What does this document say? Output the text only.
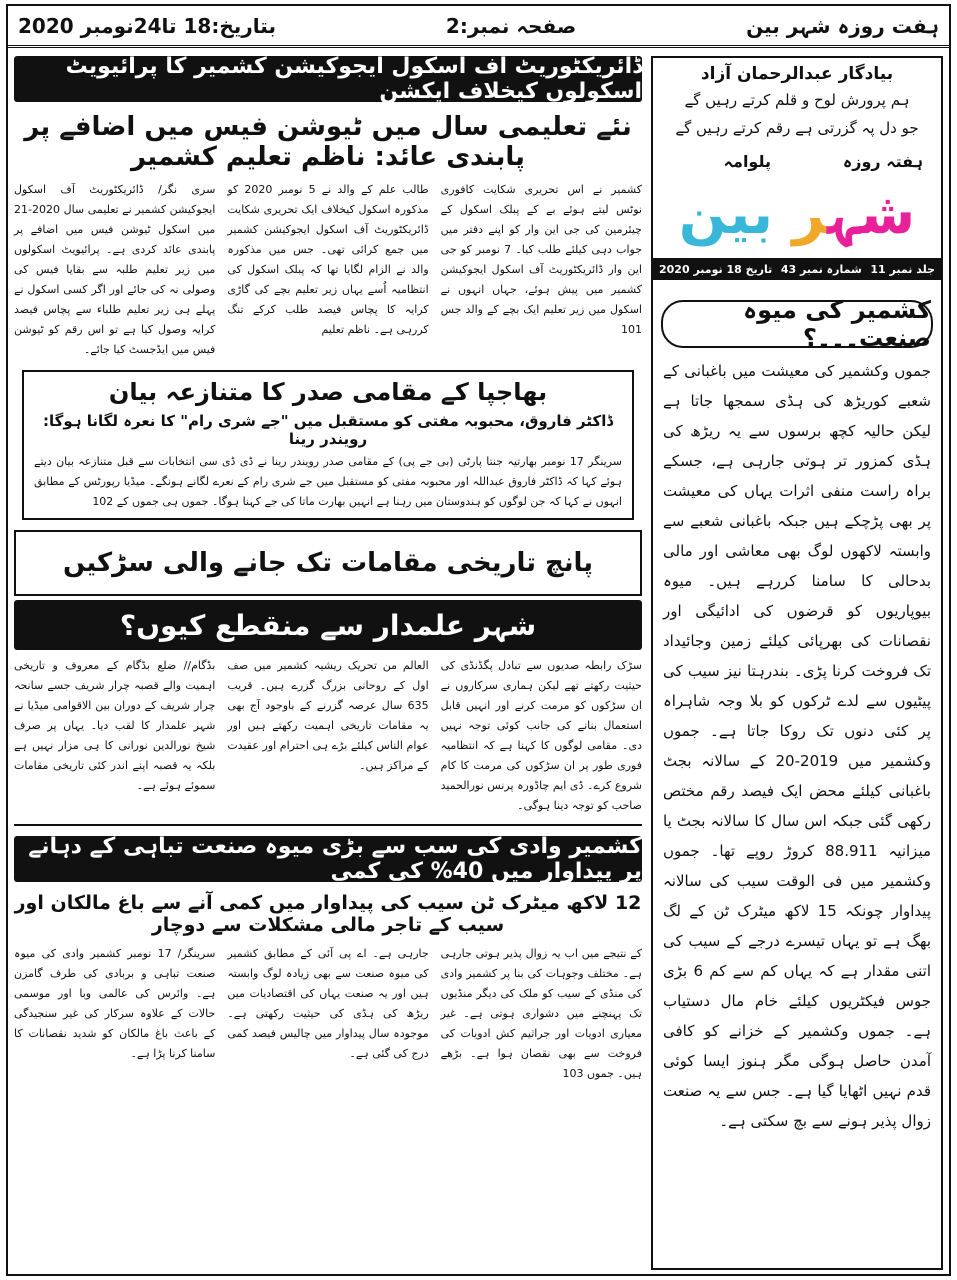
بتاریخ:18 تا24نومبر 2020	صفحہ نمبر:2	ہفت روزہ شہر بین
بیادگار عبدالرحمان آزاد
ہم پرورش لوح و قلم کرتے رہیں گے
جو دل پہ گزرتی ہے رقم کرتے رہیں گے
ہفتہ روزہ
پلوامہ
شہر بین
جلد نمبر 11
شمارہ نمبر 43
تاریخ 18 نومبر 2020
کشمیر کی میوہ صنعت۔۔۔؟
جموں وکشمیر کی معیشت میں باغبانی کے شعبے کوریڑھ کی ہڈی سمجھا جاتا ہے لیکن حالیہ کچھ برسوں سے یہ ریڑھ کی ہڈی کمزور تر ہوتی جارہی ہے، جسکے براہ راست منفی اثرات یہاں کی معیشت پر بھی پڑچکے ہیں جبکہ باغبانی شعبے سے وابستہ لاکھوں لوگ بھی معاشی اور مالی بدحالی کا سامنا کررہے ہیں۔ میوہ بیوپاریوں کو قرضوں کی ادائیگی اور نقصانات کی بھرپائی کیلئے زمین وجائیداد تک فروخت کرنا پڑی۔ بندرہتا نیز سیب کی پیٹیوں سے لدے ٹرکوں کو بلا وجہ شاہراہ پر کئی دنوں تک روکا جاتا ہے۔ جموں وکشمیر میں 2019-20 کے سالانہ بجٹ باغبانی کیلئے محض ایک فیصد رقم مختص رکھی گئی جبکہ اس سال کا سالانہ بجٹ یا میزانیہ 88.911 کروڑ روپے تھا۔ جموں وکشمیر میں فی الوقت سیب کی سالانہ پیداوار چونکہ 15 لاکھ میٹرک ٹن کے لگ بھگ ہے تو یہاں تیسرے درجے کے سیب کی اتنی مقدار ہے کہ یہاں کم سے کم 6 بڑی جوس فیکٹریوں کیلئے خام مال دستیاب ہے۔ جموں وکشمیر کے خزانے کو کافی آمدن حاصل ہوگی مگر ہنوز ایسا کوئی قدم نہیں اٹھایا گیا ہے۔ جس سے یہ صنعت زوال پذیر ہونے سے بچ سکتی ہے۔
ڈائریکٹوریٹ آف اسکول ایجوکیشن کشمیر کا پرائیویٹ اسکولوں کیخلاف ایکشن
نئے تعلیمی سال میں ٹیوشن فیس میں اضافے پر پابندی عائد: ناظم تعلیم کشمیر
سری نگر/ ڈائریکٹوریٹ آف اسکول ایجوکیشن کشمیر نے تعلیمی سال 2020-21 میں اسکول ٹیوشن فیس میں اضافے پر پابندی عائد کردی ہے۔ پرائیویٹ اسکولوں میں زیر تعلیم طلبہ سے بقایا فیس کی وصولی نہ کی جائے اور اگر کسی اسکول نے پہلے ہی زیر تعلیم طلباء سے پچاس فیصد کرایہ وصول کیا ہے تو اس رقم کو ٹیوشن فیس میں ایڈجسٹ کیا جائے۔
طالب علم کے والد نے 5 نومبر 2020 کو مذکورہ اسکول کیخلاف ایک تحریری شکایت ڈائریکٹوریٹ آف اسکول ایجوکیشن کشمیر میں جمع کرائی تھی۔ جس میں مذکورہ والد نے الزام لگایا تھا کہ پبلک اسکول کی انتظامیہ اُسے یہاں زیر تعلیم بچے کی گاڑی کرایہ کا پچاس فیصد طلب کرکے تنگ کررہی ہے۔ ناظم تعلیم
کشمیر نے اس تحریری شکایت کافوری نوٹس لیتے ہوئے بے کے پبلک اسکول کے چیئرمین کی جی این وار کو اپنے دفتر میں جواب دہی کیلئے طلب کیا۔ 7 نومبر کو جی این وار ڈائریکٹوریٹ آف اسکول ایجوکیشن کشمیر میں پیش ہوئے، جہاں انہوں نے اسکول میں زیر تعلیم ایک بچے کے والد جس 101
بھاجپا کے مقامی صدر کا متنازعہ بیان
ڈاکٹر فاروق، محبوبہ مفتی کو مستقبل میں "جے شری رام" کا نعرہ لگانا ہوگا: رویندر رینا
سرینگر 17 نومبر بھارتیہ جنتا پارٹی (بی جے پی) کے مقامی صدر رویندر رینا نے ڈی ڈی سی انتخابات سے قبل متنازعہ بیان دیتے ہوئے کہا کہ ڈاکٹر فاروق عبداللہ اور محبوبہ مفتی کو مستقبل میں جے شری رام کے نعرے لگانے ہونگے۔ میڈیا رپورٹس کے مطابق انہوں نے کہا کہ جن لوگوں کو ہندوستان میں رہنا ہے انہیں بھارت ماتا کی جے کہنا ہوگا۔ جموں ہی جموں کے 102
پانچ تاریخی مقامات تک جانے والی سڑکیں
شہر علمدار سے منقطع کیوں؟
بڈگام// ضلع بڈگام کے معروف و تاریخی اہمیت والے قصبہ چرار شریف جسے سانحہ چرار شریف کے دوران بین الاقوامی میڈیا نے شہر علمدار کا لقب دیا۔ یہاں پر صرف شیخ نورالدین نورانی کا ہی مزار نہیں ہے بلکہ یہ قصبہ اپنے اندر کئی تاریخی مقامات سموئے ہوئے ہے۔
العالم من تحریک ریشیہ کشمیر میں صف اول کے روحانی بزرگ گزرے ہیں۔ قریب 635 سال عرصہ گزرنے کے باوجود آج بھی یہ مقامات تاریخی اہمیت رکھتے ہیں اور عوام الناس کیلئے بڑے ہی احترام اور عقیدت کے مراکز ہیں۔
سڑک رابطہ صدیوں سے تبادل پگڈنڈی کی حیثیت رکھتے تھے لیکن ہماری سرکاروں نے ان سڑکوں کو مرمت کرنے اور انہیں قابل استعمال بنانے کی جانب کوئی توجہ نہیں دی۔ مقامی لوگوں کا کہنا ہے کہ انتظامیہ فوری طور پر ان سڑکوں کی مرمت کا کام شروع کرے۔ ڈی ایم چاڈورہ پرنس نورالحمید صاحب کو توجہ دینا ہوگی۔
کشمیر وادی کی سب سے بڑی میوہ صنعت تباہی کے دہانے پر پیداوار میں 40% کی کمی
12 لاکھ میٹرک ٹن سیب کی پیداوار میں کمی آنے سے باغ مالکان اور سیب کے تاجر مالی مشکلات سے دوچار
سرینگر/ 17 نومبر کشمیر وادی کی میوہ صنعت تباہی و بربادی کی طرف گامزن ہے۔ وائرس کی عالمی وبا اور موسمی حالات کے علاوہ سرکار کی غیر سنجیدگی کے باعث باغ مالکان کو شدید نقصانات کا سامنا کرنا پڑا ہے۔
جارہی ہے۔ اے پی آئی کے مطابق کشمیر کی میوہ صنعت سے بھی زیادہ لوگ وابستہ ہیں اور یہ صنعت یہاں کی اقتصادیات میں ریڑھ کی ہڈی کی حیثیت رکھتی ہے۔ موجودہ سال پیداوار میں چالیس فیصد کمی درج کی گئی ہے۔
کے نتیجے میں اب یہ زوال پذیر ہوتی جارہی ہے۔ مختلف وجوہات کی بنا پر کشمیر وادی کی منڈی کے سیب کو ملک کی دیگر منڈیوں تک پہنچنے میں دشواری ہوتی ہے۔ غیر معیاری ادویات اور جراثیم کش ادویات کی فروخت سے بھی نقصان ہوا ہے۔ بڑھے ہیں۔ جموں 103
